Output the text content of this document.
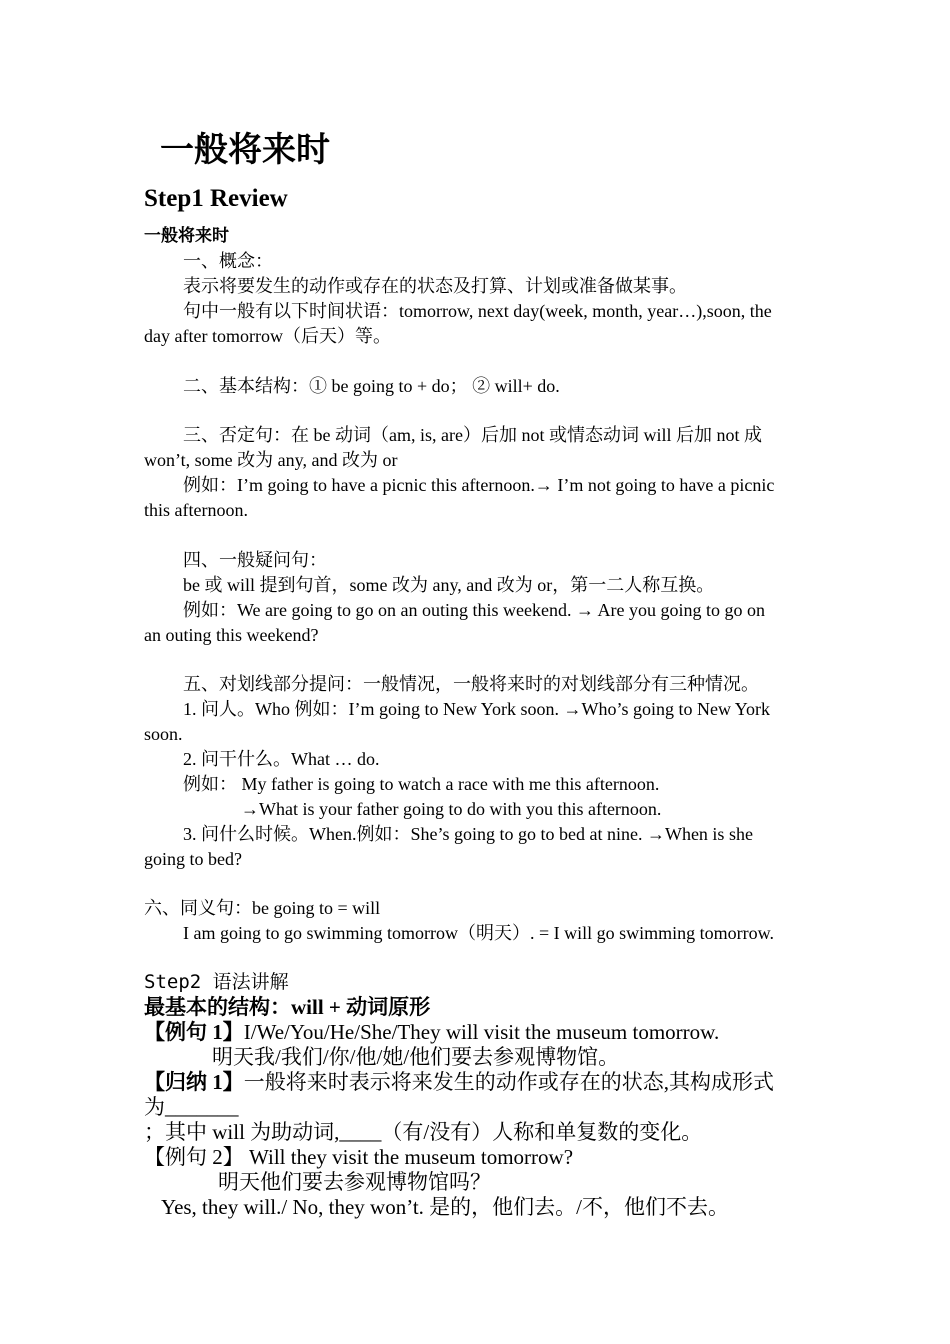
一般将来时
Step1 Review
一般将来时
一、概念：
表示将要发生的动作或存在的状态及打算、计划或准备做某事。
句中一般有以下时间状语：tomorrow, next day(week, month, year…),soon, the
day after tomorrow（后天）等。
二、基本结构：① be going to + do； ② will+ do.
三、否定句：在 be 动词（am, is, are）后加 not 或情态动词 will 后加 not 成
won’t, some 改为 any, and 改为 or
例如：I’m going to have a picnic this afternoon.→ I’m not going to have a picnic
this afternoon.
四、一般疑问句：
be 或 will 提到句首，some 改为 any, and 改为 or，第一二人称互换。
例如：We are going to go on an outing this weekend. → Are you going to go on
an outing this weekend?
五、对划线部分提问：一般情况，一般将来时的对划线部分有三种情况。
1. 问人。Who 例如：I’m going to New York soon. →Who’s going to New York
soon.
2. 问干什么。What … do.
例如： My father is going to watch a race with me this afternoon.
→What is your father going to do with you this afternoon.
3. 问什么时候。When.例如：She’s going to go to bed at nine. →When is she
going to bed?
六、同义句：be going to = will
I am going to go swimming tomorrow（明天）. = I will go swimming tomorrow.
Step2 语法讲解
最基本的结构：will + 动词原形
【例句 1】I/We/You/He/She/They will visit the museum tomorrow.
明天我/我们/你/他/她/他们要去参观博物馆。
【归纳 1】一般将来时表示将来发生的动作或存在的状态,其构成形式
为_______
；其中 will 为助动词,____（有/没有）人称和单复数的变化。
【例句 2】 Will they visit the museum tomorrow?
明天他们要去参观博物馆吗？
Yes, they will./ No, they won’t. 是的，他们去。/不，他们不去。
